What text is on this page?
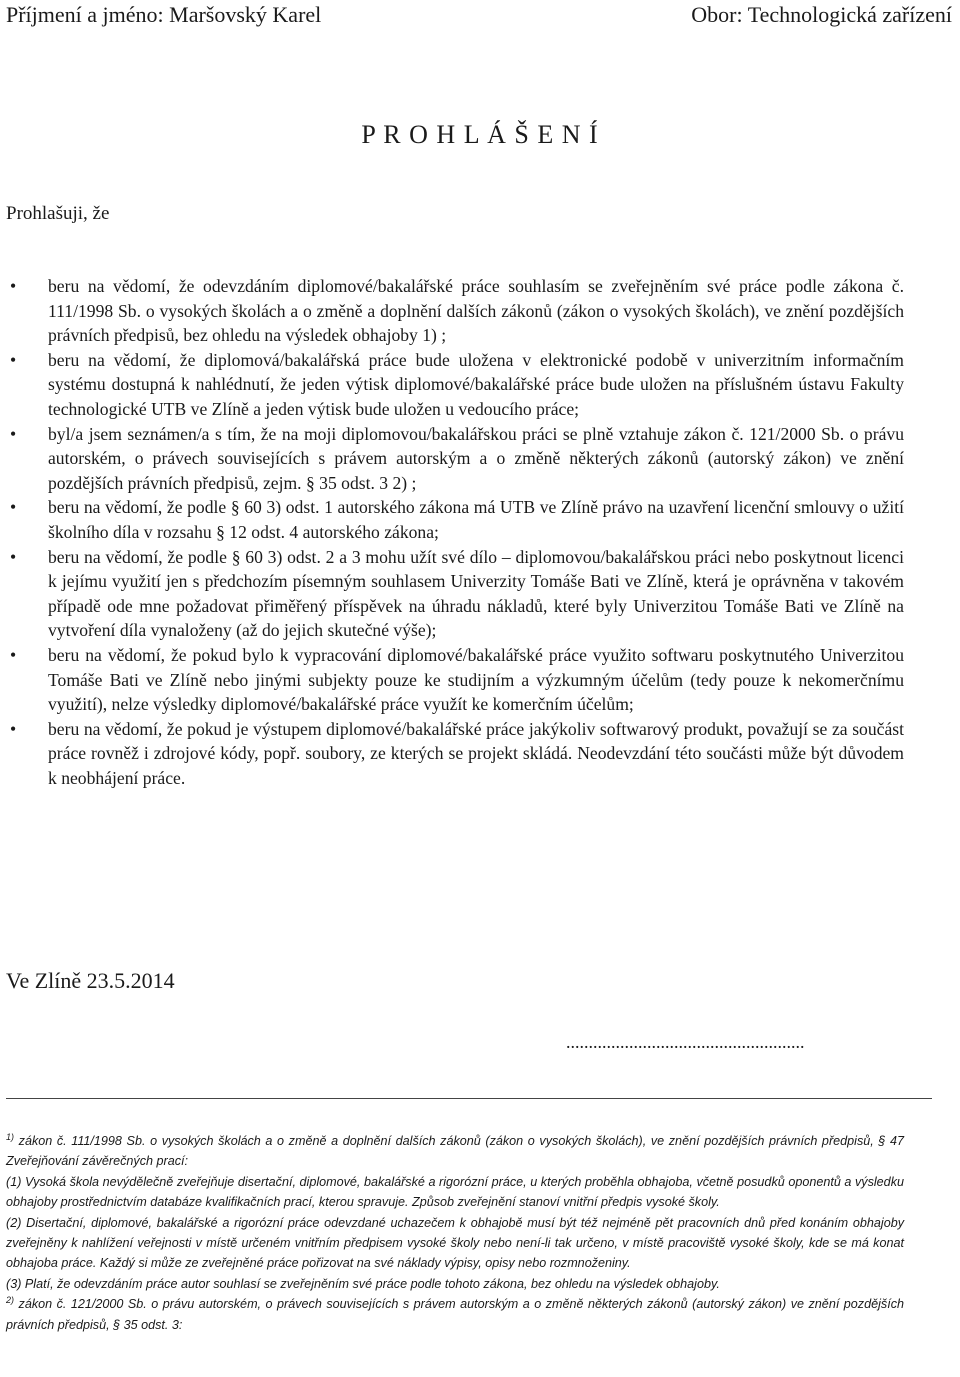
Příjmení a jméno: Maršovský Karel	Obor: Technologická zařízení
P R O H L Á Š E N Í
Prohlašuji, že
• beru na vědomí, že odevzdáním diplomové/bakalářské práce souhlasím se zveřejněním své práce podle zákona č. 111/1998 Sb. o vysokých školách a o změně a doplnění dalších zákonů (zákon o vysokých školách), ve znění pozdějších právních předpisů, bez ohledu na výsledek obhajoby 1) ;
• beru na vědomí, že diplomová/bakalářská práce bude uložena v elektronické podobě v univerzitním informačním systému dostupná k nahlédnutí, že jeden výtisk diplomové/bakalářské práce bude uložen na příslušném ústavu Fakulty technologické UTB ve Zlíně a jeden výtisk bude uložen u vedoucího práce;
• byl/a jsem seznámen/a s tím, že na moji diplomovou/bakalářskou práci se plně vztahuje zákon č. 121/2000 Sb. o právu autorském, o právech souvisejících s právem autorským a o změně některých zákonů (autorský zákon) ve znění pozdějších právních předpisů, zejm. § 35 odst. 3 2) ;
• beru na vědomí, že podle § 60 3) odst. 1 autorského zákona má UTB ve Zlíně právo na uzavření licenční smlouvy o užití školního díla v rozsahu § 12 odst. 4 autorského zákona;
• beru na vědomí, že podle § 60 3) odst. 2 a 3 mohu užít své dílo – diplomovou/bakalářskou práci nebo poskytnout licenci k jejímu využití jen s předchozím písemným souhlasem Univerzity Tomáše Bati ve Zlíně, která je oprávněna v takovém případě ode mne požadovat přiměřený příspěvek na úhradu nákladů, které byly Univerzitou Tomáše Bati ve Zlíně na vytvoření díla vynaloženy (až do jejich skutečné výše);
• beru na vědomí, že pokud bylo k vypracování diplomové/bakalářské práce využito softwaru poskytnutého Univerzitou Tomáše Bati ve Zlíně nebo jinými subjekty pouze ke studijním a výzkumným účelům (tedy pouze k nekomerčnímu využití), nelze výsledky diplomové/bakalářské práce využít ke komerčním účelům;
• beru na vědomí, že pokud je výstupem diplomové/bakalářské práce jakýkoliv softwarový produkt, považují se za součást práce rovněž i zdrojové kódy, popř. soubory, ze kterých se projekt skládá. Neodevzdání této součásti může být důvodem k neobhájení práce.
Ve Zlíně 23.5.2014
.....................................................

$^{1)}$ zákon č. 111/1998 Sb. o vysokých školách a o změně a doplnění dalších zákonů (zákon o vysokých školách), ve znění pozdějších právních předpisů, § 47 Zveřejňování závěrečných prací:

(1) Vysoká škola nevýdělečně zveřejňuje disertační, diplomové, bakalářské a rigorózní práce, u kterých proběhla obhajoba, včetně posudků oponentů a výsledku obhajoby prostřednictvím databáze kvalifikačních prací, kterou spravuje. Způsob zveřejnění stanoví vnitřní předpis vysoké školy.

(2) Disertační, diplomové, bakalářské a rigorózní práce odevzdané uchazečem k obhajobě musí být též nejméně pět pracovních dnů před konáním obhajoby zveřejněny k nahlížení veřejnosti v místě určeném vnitřním předpisem vysoké školy nebo není-li tak určeno, v místě pracoviště vysoké školy, kde se má konat obhajoba práce. Každý si může ze zveřejněné práce pořizovat na své náklady výpisy, opisy nebo rozmnoženiny.

(3) Platí, že odevzdáním práce autor souhlasí se zveřejněním své práce podle tohoto zákona, bez ohledu na výsledek obhajoby.

$^{2)}$ zákon č. 121/2000 Sb. o právu autorském, o právech souvisejících s právem autorským a o změně některých zákonů (autorský zákon) ve znění pozdějších právních předpisů, § 35 odst. 3:
